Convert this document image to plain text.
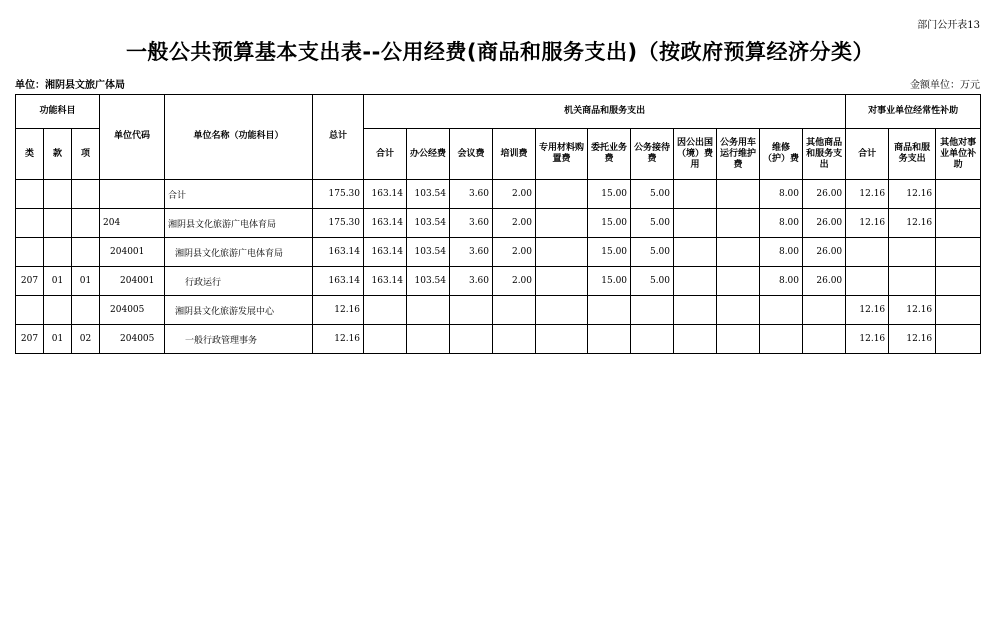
部门公开表13
一般公共预算基本支出表--公用经费(商品和服务支出)（按政府预算经济分类）
单位：湘阴县文旅广体局	金额单位：万元
功能科目			单位代码	单位名称（功能科目）	总计	机关商品和服务支出											对事业单位经常性补助		
类	款	项				合计	办公经费	会议费	培训费	专用材料购置费	委托业务费	公务接待费	因公出国（境）费用	公务用车运行维护费	维修（护）费	其他商品和服务支出	合计	商品和服务支出	其他对事业单位补助
				合计	175.30	163.14	103.54	3.60	2.00		15.00	5.00			8.00	26.00	12.16	12.16	
			204	湘阴县文化旅游广电体育局	175.30	163.14	103.54	3.60	2.00		15.00	5.00			8.00	26.00	12.16	12.16	
			204001	湘阴县文化旅游广电体育局	163.14	163.14	103.54	3.60	2.00		15.00	5.00			8.00	26.00			
207	01	01	204001	行政运行	163.14	163.14	103.54	3.60	2.00		15.00	5.00			8.00	26.00			
			204005	湘阴县文化旅游发展中心	12.16												12.16	12.16	
207	01	02	204005	一般行政管理事务	12.16												12.16	12.16	
